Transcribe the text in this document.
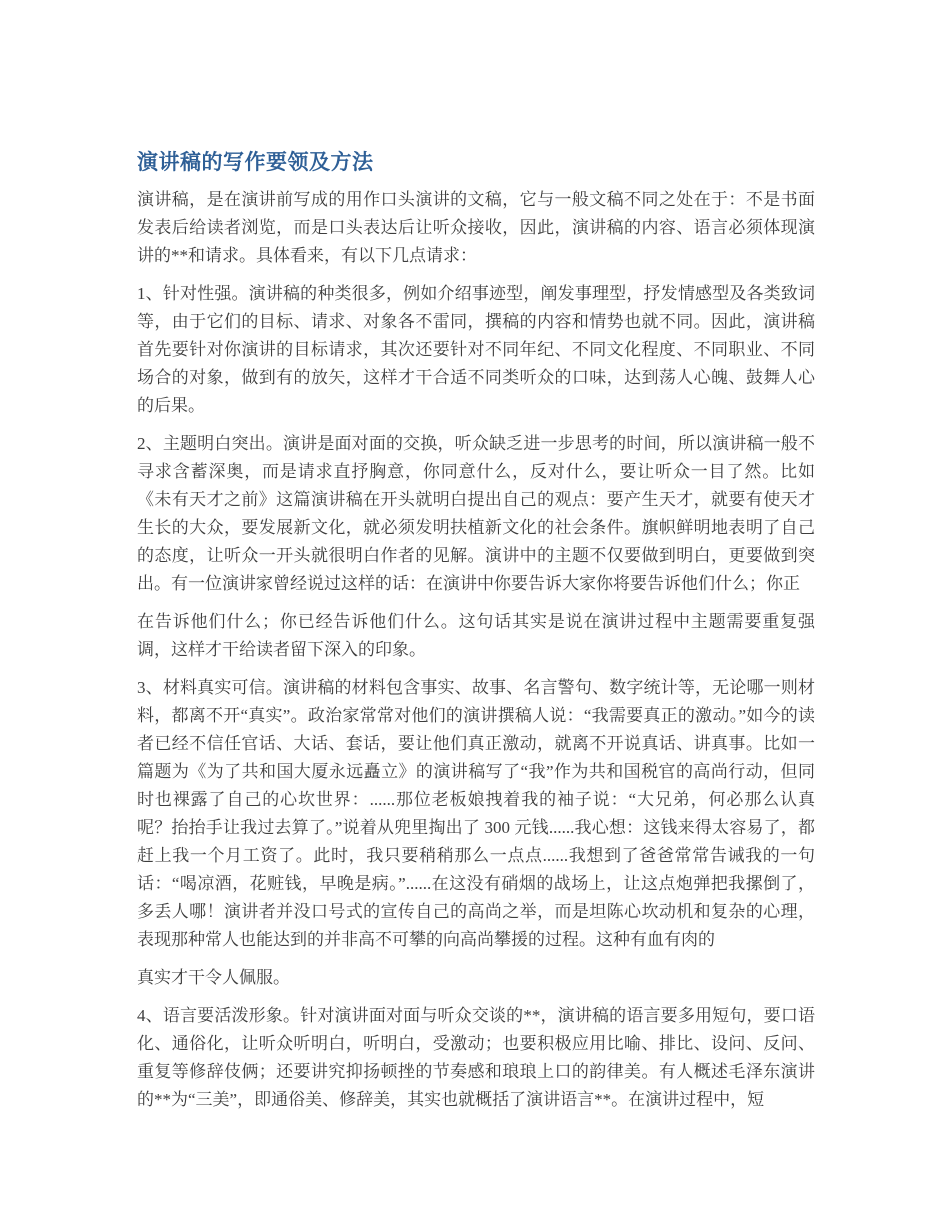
演讲稿的写作要领及方法

演讲稿，是在演讲前写成的用作口头演讲的文稿，它与一般文稿不同之处在于：不是书面发表后给读者浏览，而是口头表达后让听众接收，因此，演讲稿的内容、语言必须体现演讲的**和请求。具体看来，有以下几点请求：

1、针对性强。演讲稿的种类很多，例如介绍事迹型，阐发事理型，抒发情感型及各类致词等，由于它们的目标、请求、对象各不雷同，撰稿的内容和情势也就不同。因此，演讲稿首先要针对你演讲的目标请求，其次还要针对不同年纪、不同文化程度、不同职业、不同场合的对象，做到有的放矢，这样才干合适不同类听众的口味，达到荡人心魄、鼓舞人心的后果。

2、主题明白突出。演讲是面对面的交换，听众缺乏进一步思考的时间，所以演讲稿一般不寻求含蓄深奥，而是请求直抒胸意，你同意什么，反对什么，要让听众一目了然。比如《未有天才之前》这篇演讲稿在开头就明白提出自己的观点：要产生天才，就要有使天才生长的大众，要发展新文化，就必须发明扶植新文化的社会条件。旗帜鲜明地表明了自己的态度，让听众一开头就很明白作者的见解。演讲中的主题不仅要做到明白，更要做到突出。有一位演讲家曾经说过这样的话：在演讲中你要告诉大家你将要告诉他们什么；你正

在告诉他们什么；你已经告诉他们什么。这句话其实是说在演讲过程中主题需要重复强调，这样才干给读者留下深入的印象。

3、材料真实可信。演讲稿的材料包含事实、故事、名言警句、数字统计等，无论哪一则材料，都离不开“真实”。政治家常常对他们的演讲撰稿人说：“我需要真正的激动。”如今的读者已经不信任官话、大话、套话，要让他们真正激动，就离不开说真话、讲真事。比如一篇题为《为了共和国大厦永远矗立》的演讲稿写了“我”作为共和国税官的高尚行动，但同时也裸露了自己的心坎世界：......那位老板娘拽着我的袖子说：“大兄弟，何必那么认真呢？抬抬手让我过去算了。”说着从兜里掏出了 300 元钱......我心想：这钱来得太容易了，都赶上我一个月工资了。此时，我只要稍稍那么一点点......我想到了爸爸常常告诫我的一句话：“喝凉酒，花赃钱，早晚是病。”......在这没有硝烟的战场上，让这点炮弹把我摞倒了，多丢人哪！演讲者并没口号式的宣传自己的高尚之举，而是坦陈心坎动机和复杂的心理，表现那种常人也能达到的并非高不可攀的向高尚攀援的过程。这种有血有肉的

真实才干令人佩服。

4、语言要活泼形象。针对演讲面对面与听众交谈的**，演讲稿的语言要多用短句，要口语化、通俗化，让听众听明白，听明白，受激动；也要积极应用比喻、排比、设问、反问、重复等修辞伎俩；还要讲究抑扬顿挫的节奏感和琅琅上口的韵律美。有人概述毛泽东演讲的**为“三美”，即通俗美、修辞美，其实也就概括了演讲语言**。在演讲过程中，短
